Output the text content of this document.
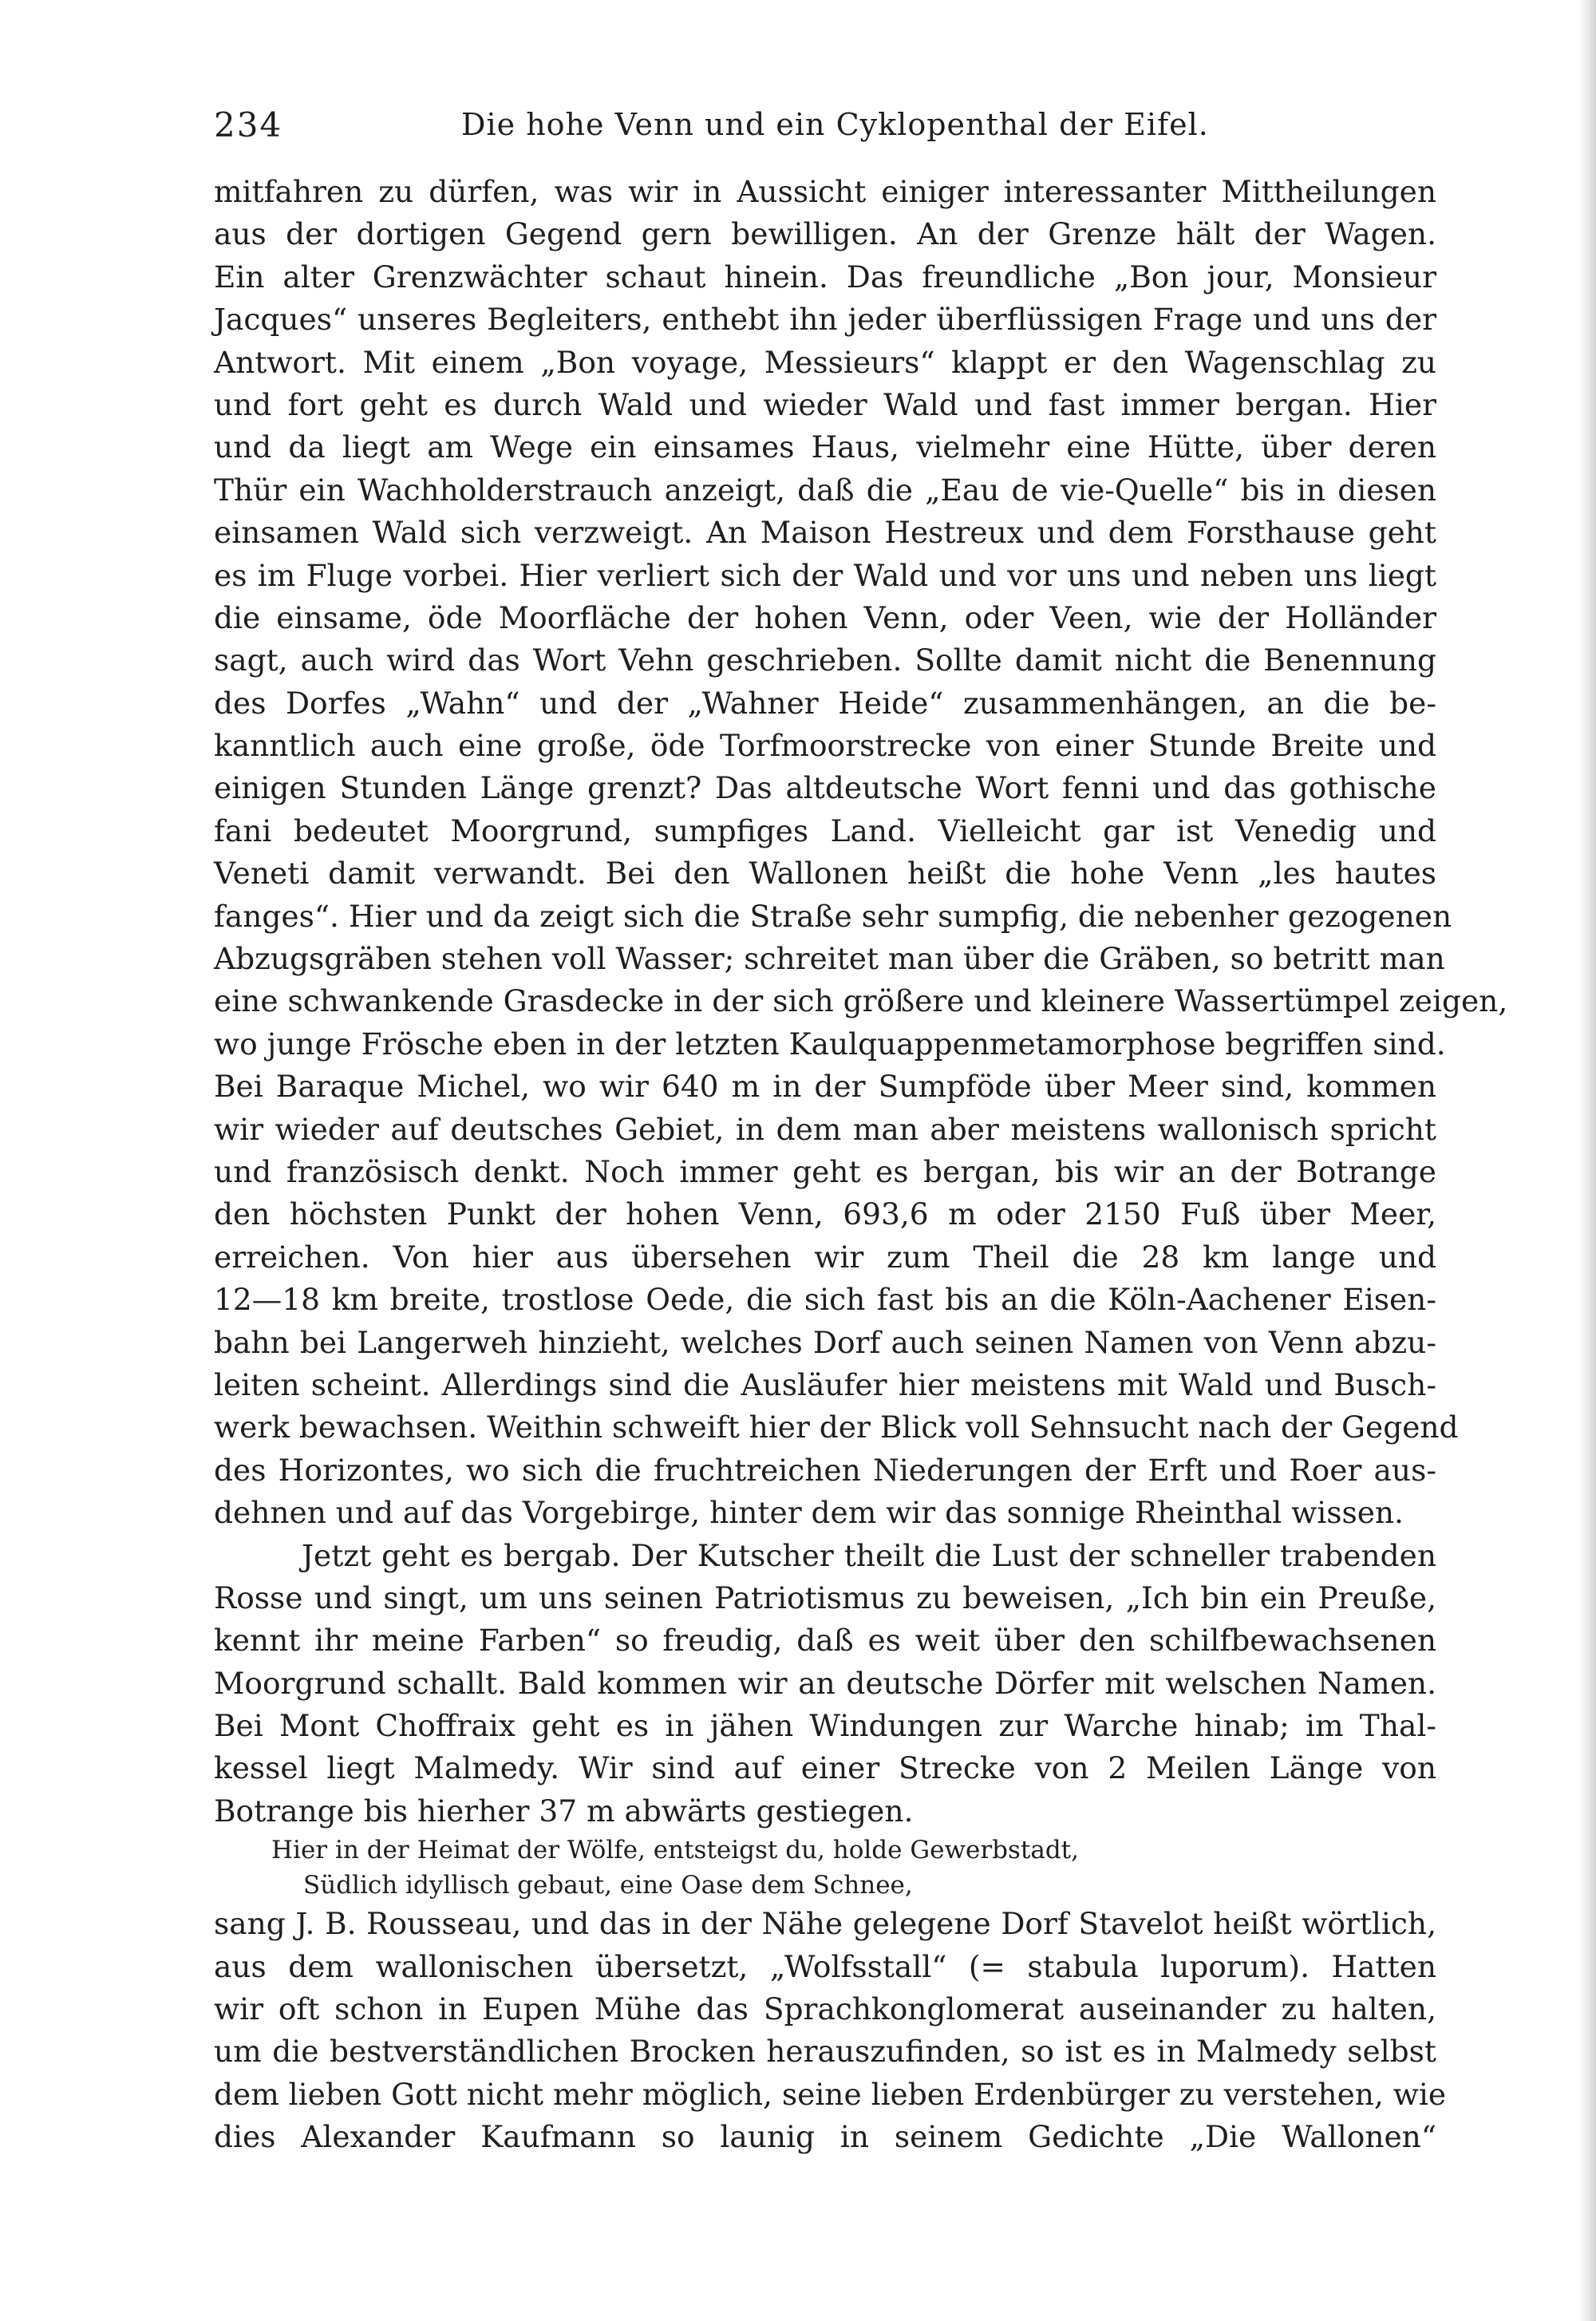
234	Die hohe Venn und ein Cyklopenthal der Eifel.
mitfahren zu dürfen, was wir in Aussicht einiger interessanter Mittheilungen
aus der dortigen Gegend gern bewilligen. An der Grenze hält der Wagen.
Ein alter Grenzwächter schaut hinein. Das freundliche „Bon jour, Monsieur
Jacques“ unseres Begleiters, enthebt ihn jeder überflüssigen Frage und uns der
Antwort. Mit einem „Bon voyage, Messieurs“ klappt er den Wagenschlag zu
und fort geht es durch Wald und wieder Wald und fast immer bergan. Hier
und da liegt am Wege ein einsames Haus, vielmehr eine Hütte, über deren
Thür ein Wachholderstrauch anzeigt, daß die „Eau de vie-Quelle“ bis in diesen
einsamen Wald sich verzweigt. An Maison Hestreux und dem Forsthause geht
es im Fluge vorbei. Hier verliert sich der Wald und vor uns und neben uns liegt
die einsame, öde Moorfläche der hohen Venn, oder Veen, wie der Holländer
sagt, auch wird das Wort Vehn geschrieben. Sollte damit nicht die Benennung
des Dorfes „Wahn“ und der „Wahner Heide“ zusammenhängen, an die be-
kanntlich auch eine große, öde Torfmoorstrecke von einer Stunde Breite und
einigen Stunden Länge grenzt? Das altdeutsche Wort fenni und das gothische
fani bedeutet Moorgrund, sumpfiges Land. Vielleicht gar ist Venedig und
Veneti damit verwandt. Bei den Wallonen heißt die hohe Venn „les hautes
fanges“. Hier und da zeigt sich die Straße sehr sumpfig, die nebenher gezogenen
Abzugsgräben stehen voll Wasser; schreitet man über die Gräben, so betritt man
eine schwankende Grasdecke in der sich größere und kleinere Wassertümpel zeigen,
wo junge Frösche eben in der letzten Kaulquappenmetamorphose begriffen sind.
Bei Baraque Michel, wo wir 640 m in der Sumpföde über Meer sind, kommen
wir wieder auf deutsches Gebiet, in dem man aber meistens wallonisch spricht
und französisch denkt. Noch immer geht es bergan, bis wir an der Botrange
den höchsten Punkt der hohen Venn, 693,6 m oder 2150 Fuß über Meer,
erreichen. Von hier aus übersehen wir zum Theil die 28 km lange und
12—18 km breite, trostlose Oede, die sich fast bis an die Köln-Aachener Eisen-
bahn bei Langerweh hinzieht, welches Dorf auch seinen Namen von Venn abzu-
leiten scheint. Allerdings sind die Ausläufer hier meistens mit Wald und Busch-
werk bewachsen. Weithin schweift hier der Blick voll Sehnsucht nach der Gegend
des Horizontes, wo sich die fruchtreichen Niederungen der Erft und Roer aus-
dehnen und auf das Vorgebirge, hinter dem wir das sonnige Rheinthal wissen.
Jetzt geht es bergab. Der Kutscher theilt die Lust der schneller trabenden
Rosse und singt, um uns seinen Patriotismus zu beweisen, „Ich bin ein Preuße,
kennt ihr meine Farben“ so freudig, daß es weit über den schilfbewachsenen
Moorgrund schallt. Bald kommen wir an deutsche Dörfer mit welschen Namen.
Bei Mont Choffraix geht es in jähen Windungen zur Warche hinab; im Thal-
kessel liegt Malmedy. Wir sind auf einer Strecke von 2 Meilen Länge von
Botrange bis hierher 37 m abwärts gestiegen.
Hier in der Heimat der Wölfe, entsteigst du, holde Gewerbstadt,
Südlich idyllisch gebaut, eine Oase dem Schnee,
sang J. B. Rousseau, und das in der Nähe gelegene Dorf Stavelot heißt wörtlich,
aus dem wallonischen übersetzt, „Wolfsstall“ (= stabula luporum). Hatten
wir oft schon in Eupen Mühe das Sprachkonglomerat auseinander zu halten,
um die bestverständlichen Brocken herauszufinden, so ist es in Malmedy selbst
dem lieben Gott nicht mehr möglich, seine lieben Erdenbürger zu verstehen, wie
dies Alexander Kaufmann so launig in seinem Gedichte „Die Wallonen“
